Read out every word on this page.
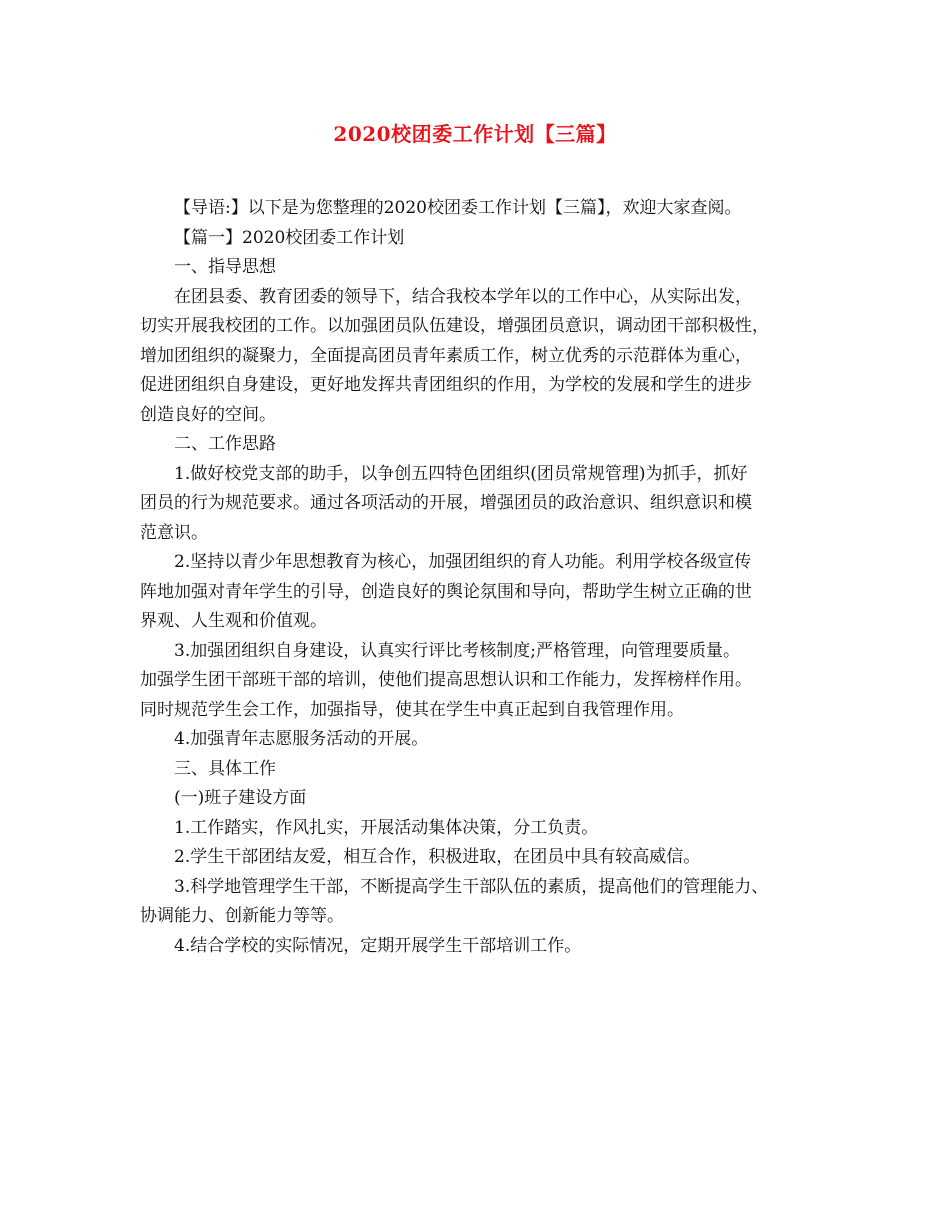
2020校团委工作计划【三篇】
【导语:】以下是为您整理的2020校团委工作计划【三篇】，欢迎大家查阅。
【篇一】2020校团委工作计划
一、指导思想
在团县委、教育团委的领导下，结合我校本学年以的工作中心，从实际出发，
切实开展我校团的工作。以加强团员队伍建设，增强团员意识，调动团干部积极性，
增加团组织的凝聚力，全面提高团员青年素质工作，树立优秀的示范群体为重心，
促进团组织自身建设，更好地发挥共青团组织的作用，为学校的发展和学生的进步
创造良好的空间。
二、工作思路
1.做好校党支部的助手，以争创五四特色团组织(团员常规管理)为抓手，抓好
团员的行为规范要求。通过各项活动的开展，增强团员的政治意识、组织意识和模
范意识。
2.坚持以青少年思想教育为核心，加强团组织的育人功能。利用学校各级宣传
阵地加强对青年学生的引导，创造良好的舆论氛围和导向，帮助学生树立正确的世
界观、人生观和价值观。
3.加强团组织自身建设，认真实行评比考核制度;严格管理，向管理要质量。
加强学生团干部班干部的培训，使他们提高思想认识和工作能力，发挥榜样作用。
同时规范学生会工作，加强指导，使其在学生中真正起到自我管理作用。
4.加强青年志愿服务活动的开展。
三、具体工作
(一)班子建设方面
1.工作踏实，作风扎实，开展活动集体决策，分工负责。
2.学生干部团结友爱，相互合作，积极进取，在团员中具有较高威信。
3.科学地管理学生干部，不断提高学生干部队伍的素质，提高他们的管理能力、
协调能力、创新能力等等。
4.结合学校的实际情况，定期开展学生干部培训工作。
